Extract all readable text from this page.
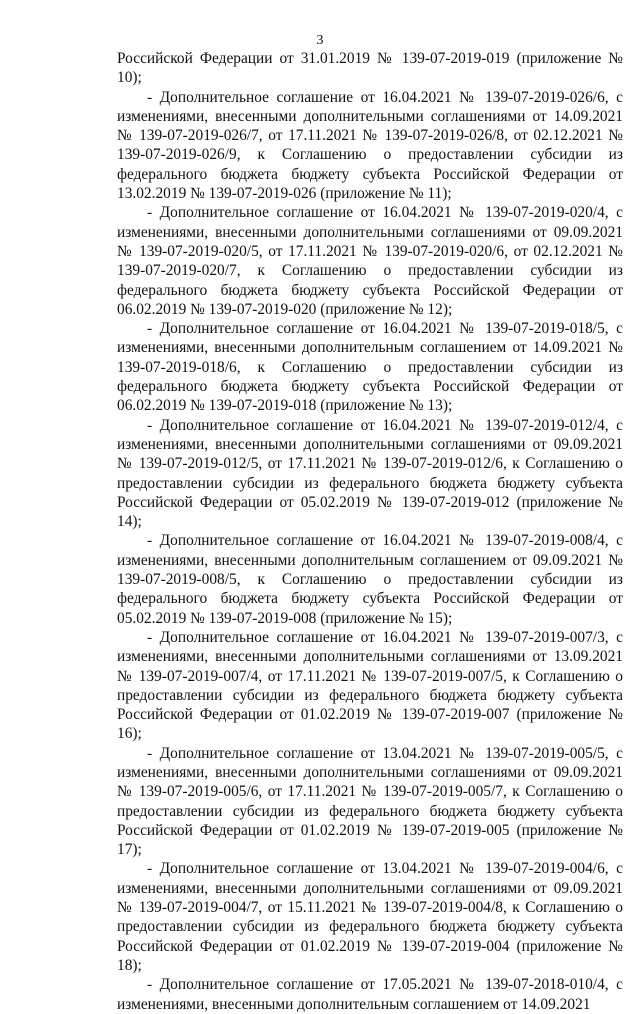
3

Российской Федерации от 31.01.2019 № 139-07-2019-019 (приложение № 10);

- Дополнительное соглашение от 16.04.2021 № 139-07-2019-026/6, с изменениями, внесенными дополнительными соглашениями от 14.09.2021 № 139-07-2019-026/7, от 17.11.2021 № 139-07-2019-026/8, от 02.12.2021 № 139-07-2019-026/9, к Соглашению о предоставлении субсидии из федерального бюджета бюджету субъекта Российской Федерации от 13.02.2019 № 139-07-2019-026 (приложение № 11);

- Дополнительное соглашение от 16.04.2021 № 139-07-2019-020/4, с изменениями, внесенными дополнительными соглашениями от 09.09.2021 № 139-07-2019-020/5, от 17.11.2021 № 139-07-2019-020/6, от 02.12.2021 № 139-07-2019-020/7, к Соглашению о предоставлении субсидии из федерального бюджета бюджету субъекта Российской Федерации от 06.02.2019 № 139-07-2019-020 (приложение № 12);

- Дополнительное соглашение от 16.04.2021 № 139-07-2019-018/5, с изменениями, внесенными дополнительным соглашением от 14.09.2021 № 139-07-2019-018/6, к Соглашению о предоставлении субсидии из федерального бюджета бюджету субъекта Российской Федерации от 06.02.2019 № 139-07-2019-018 (приложение № 13);

- Дополнительное соглашение от 16.04.2021 № 139-07-2019-012/4, с изменениями, внесенными дополнительными соглашениями от 09.09.2021 № 139-07-2019-012/5, от 17.11.2021 № 139-07-2019-012/6, к Соглашению о предоставлении субсидии из федерального бюджета бюджету субъекта Российской Федерации от 05.02.2019 № 139-07-2019-012 (приложение № 14);

- Дополнительное соглашение от 16.04.2021 № 139-07-2019-008/4, с изменениями, внесенными дополнительным соглашением от 09.09.2021 № 139-07-2019-008/5, к Соглашению о предоставлении субсидии из федерального бюджета бюджету субъекта Российской Федерации от 05.02.2019 № 139-07-2019-008 (приложение № 15);

- Дополнительное соглашение от 16.04.2021 № 139-07-2019-007/3, с изменениями, внесенными дополнительными соглашениями от 13.09.2021 № 139-07-2019-007/4, от 17.11.2021 № 139-07-2019-007/5, к Соглашению о предоставлении субсидии из федерального бюджета бюджету субъекта Российской Федерации от 01.02.2019 № 139-07-2019-007 (приложение № 16);

- Дополнительное соглашение от 13.04.2021 № 139-07-2019-005/5, с изменениями, внесенными дополнительными соглашениями от 09.09.2021 № 139-07-2019-005/6, от 17.11.2021 № 139-07-2019-005/7, к Соглашению о предоставлении субсидии из федерального бюджета бюджету субъекта Российской Федерации от 01.02.2019 № 139-07-2019-005 (приложение № 17);

- Дополнительное соглашение от 13.04.2021 № 139-07-2019-004/6, с изменениями, внесенными дополнительными соглашениями от 09.09.2021 № 139-07-2019-004/7, от 15.11.2021 № 139-07-2019-004/8, к Соглашению о предоставлении субсидии из федерального бюджета бюджету субъекта Российской Федерации от 01.02.2019 № 139-07-2019-004 (приложение № 18);

- Дополнительное соглашение от 17.05.2021 № 139-07-2018-010/4, с изменениями, внесенными дополнительным соглашением от 14.09.2021
